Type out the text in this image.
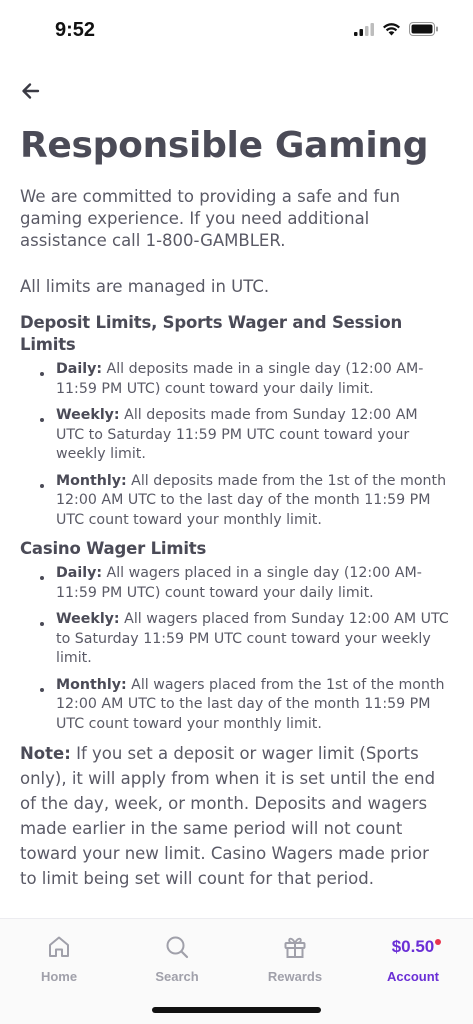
9:52
Responsible Gaming

We are committed to providing a safe and fun gaming experience. If you need additional assistance call 1-800-GAMBLER.

All limits are managed in UTC.

Deposit Limits, Sports Wager and Session Limits
Daily: All deposits made in a single day (12:00 AM-11:59 PM UTC) count toward your daily limit.
Weekly: All deposits made from Sunday 12:00 AM UTC to Saturday 11:59 PM UTC count toward your weekly limit.
Monthly: All deposits made from the 1st of the month 12:00 AM UTC to the last day of the month 11:59 PM UTC count toward your monthly limit.
Casino Wager Limits
Daily: All wagers placed in a single day (12:00 AM-11:59 PM UTC) count toward your daily limit.
Weekly: All wagers placed from Sunday 12:00 AM UTC to Saturday 11:59 PM UTC count toward your weekly limit.
Monthly: All wagers placed from the 1st of the month 12:00 AM UTC to the last day of the month 11:59 PM UTC count toward your monthly limit.

Note: If you set a deposit or wager limit (Sports only), it will apply from when it is set until the end of the day, week, or month. Deposits and wagers made earlier in the same period will not count toward your new limit. Casino Wagers made prior to limit being set will count for that period.

Home	Search	Rewards
$0.50
Account
